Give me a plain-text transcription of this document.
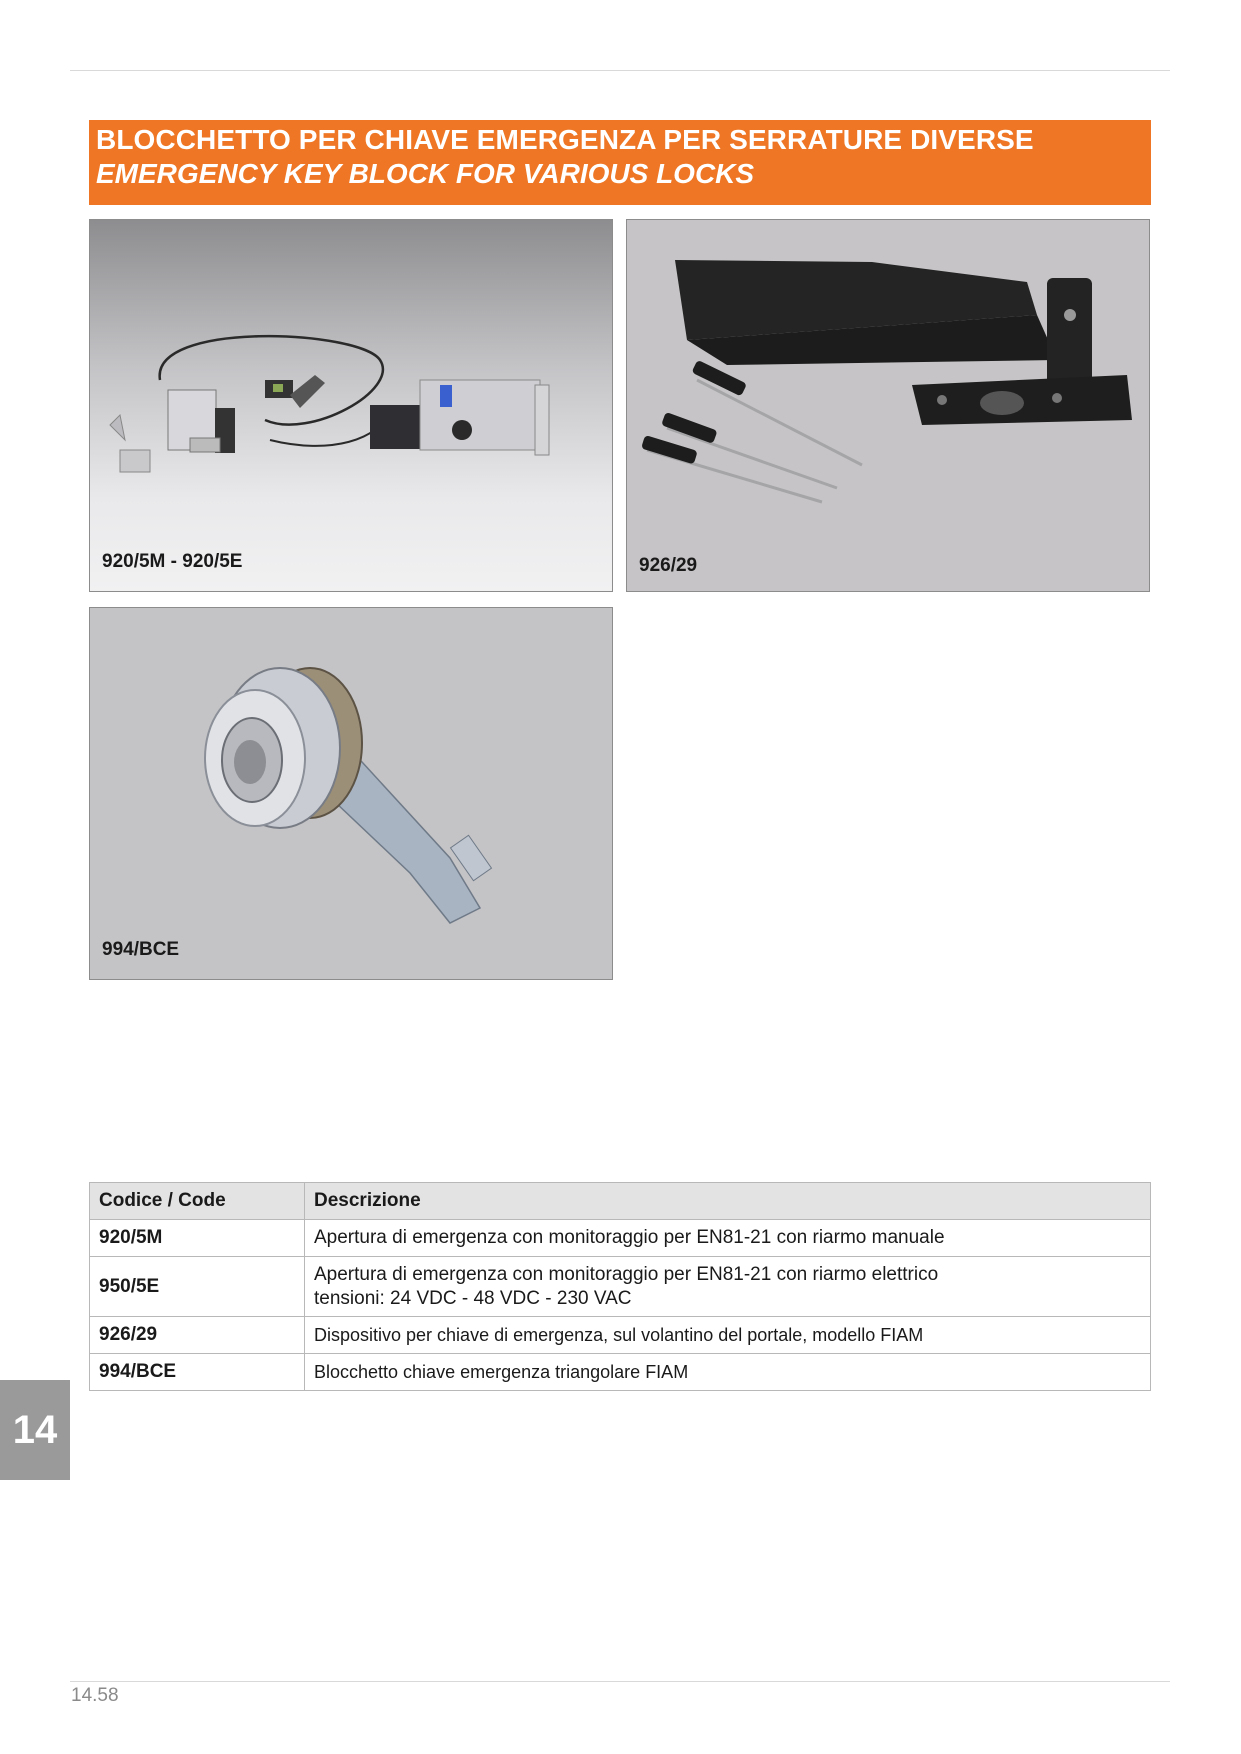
BLOCCHETTO PER CHIAVE EMERGENZA PER SERRATURE DIVERSE
EMERGENCY KEY BLOCK FOR VARIOUS LOCKS
920/5M - 920/5E	926/29
994/BCE
Codice / Code	Descrizione
920/5M	Apertura di emergenza con monitoraggio per EN81-21 con riarmo manuale
950/5E	Apertura di emergenza con monitoraggio per EN81-21 con riarmo elettrico
tensioni: 24 VDC - 48 VDC - 230 VAC

926/29	Dispositivo per chiave di emergenza, sul volantino del portale, modello FIAM
994/BCE	Blocchetto chiave emergenza triangolare FIAM
14
14.58
